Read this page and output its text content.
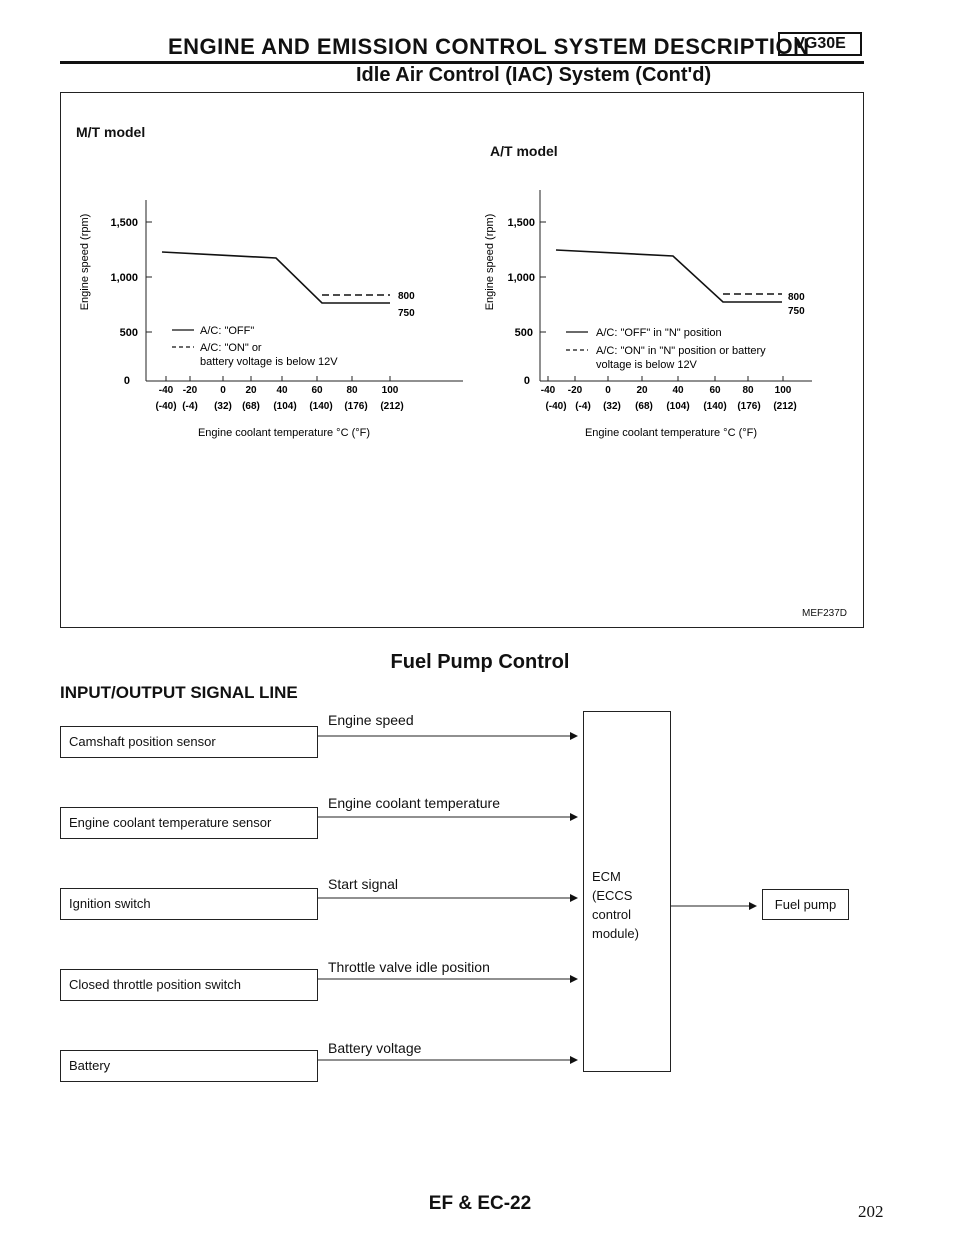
ENGINE AND EMISSION CONTROL SYSTEM DESCRIPTION
VG30E
Idle Air Control (IAC) System (Cont'd)
M/T model
A/T model
MEF237D
Engine speed (rpm) 1,500
1,000
500
0
800
750
A/C: "OFF"
A/C: "ON" or
battery voltage is below 12V
-40 -20 0 20 40 60 80 100
(-40) (-4) (32) (68) (104) (140) (176) (212)
Engine coolant temperature °C (°F)
Engine speed (rpm) 1,500
1,000
500
0
800
750
A/C: "OFF" in "N" position
A/C: "ON" in "N" position or battery
voltage is below 12V
-40 -20 0	20 40	60 80 100
(-40) (-4) (32) (68) (104) (140) (176) (212)
Engine coolant temperature °C (°F)
Fuel Pump Control
INPUT/OUTPUT SIGNAL LINE
Camshaft position sensor
Engine coolant temperature sensor
Ignition switch
Closed throttle position switch
Battery
Engine speed
Engine coolant temperature
Start signal
Throttle valve idle position
Battery voltage
ECM
(ECCS
control
module)
Fuel pump
EF & EC-22	202
